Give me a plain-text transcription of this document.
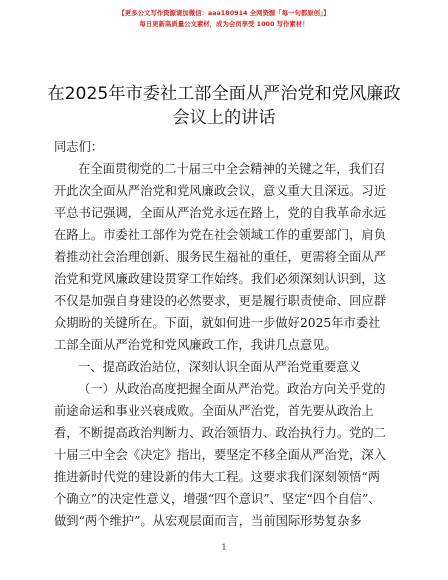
【更多公文写作资源请加微信：aaa180914 全网资源「每一句都原创」】
每日更新高质量公文素材，成为会员享受 1000 写作素材！
在2025年市委社工部全面从严治党和党风廉政
会议上的讲话

同志们：

在全面贯彻党的二十届三中全会精神的关键之年，我们召

开此次全面从严治党和党风廉政会议，意义重大且深远。习近

平总书记强调，全面从严治党永远在路上，党的自我革命永远

在路上。市委社工部作为党在社会领域工作的重要部门，肩负

着推动社会治理创新、服务民生福祉的重任，更需将全面从严

治党和党风廉政建设贯穿工作始终。我们必须深刻认识到，这

不仅是加强自身建设的必然要求，更是履行职责使命、回应群

众期盼的关键所在。下面，就如何进一步做好2025年市委社

工部全面从严治党和党风廉政工作，我讲几点意见。

一、提高政治站位，深刻认识全面从严治党重要意义

（一）从政治高度把握全面从严治党。政治方向关乎党的

前途命运和事业兴衰成败。全面从严治党，首先要从政治上

看，不断提高政治判断力、政治领悟力、政治执行力。党的二

十届三中全会《决定》指出，要坚定不移全面从严治党，深入

推进新时代党的建设新的伟大工程。这要求我们深刻领悟“两

个确立”的决定性意义，增强“四个意识”、坚定“四个自信”、

做到“两个维护”。从宏观层面而言，当前国际形势复杂多

1
